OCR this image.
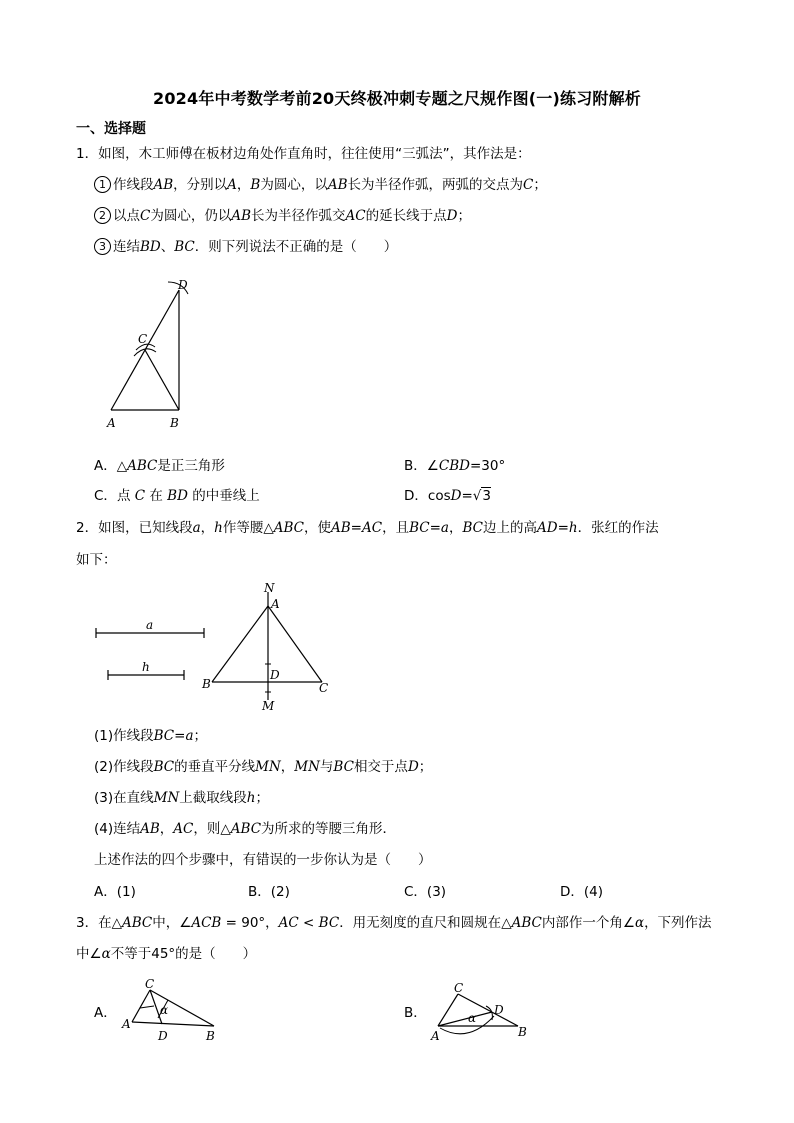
2024年中考数学考前20天终极冲刺专题之尺规作图(一)练习附解析
一、选择题
1．如图，木工师傅在板材边角处作直角时，往往使用“三弧法”，其作法是：
1 作线段AB，分别以A，B为圆心，以AB长为半径作弧，两弧的交点为C；
2 以点C为圆心，仍以AB长为半径作弧交AC的延长线于点D；
3 连结BD、BC．则下列说法不正确的是（　　）
A	B
C
D
A．△ABC是正三角形	B．∠CBD=30°
C．点 C 在 BD 的中垂线上	D．cosD=√3
2．如图，已知线段a，h作等腰△ABC，使AB=AC，且BC=a，BC边上的高AD=h．张红的作法
如下：
a
h
N
A
B	C
D
M
(1)作线段BC=a；
(2)作线段BC的垂直平分线MN，MN与BC相交于点D；
(3)在直线MN上截取线段h；
(4)连结AB，AC，则△ABC为所求的等腰三角形．
上述作法的四个步骤中，有错误的一步你认为是（　　）
A．(1)	B．(2)	C．(3)	D．(4)
3．在△ABC中，∠ACB = 90°，AC < BC．用无刻度的直尺和圆规在△ABC内部作一个角∠α，下列作法
中∠α不等于45°的是（　　）
A．
A
B
C
D
α	B．
A	B
C
D
α
